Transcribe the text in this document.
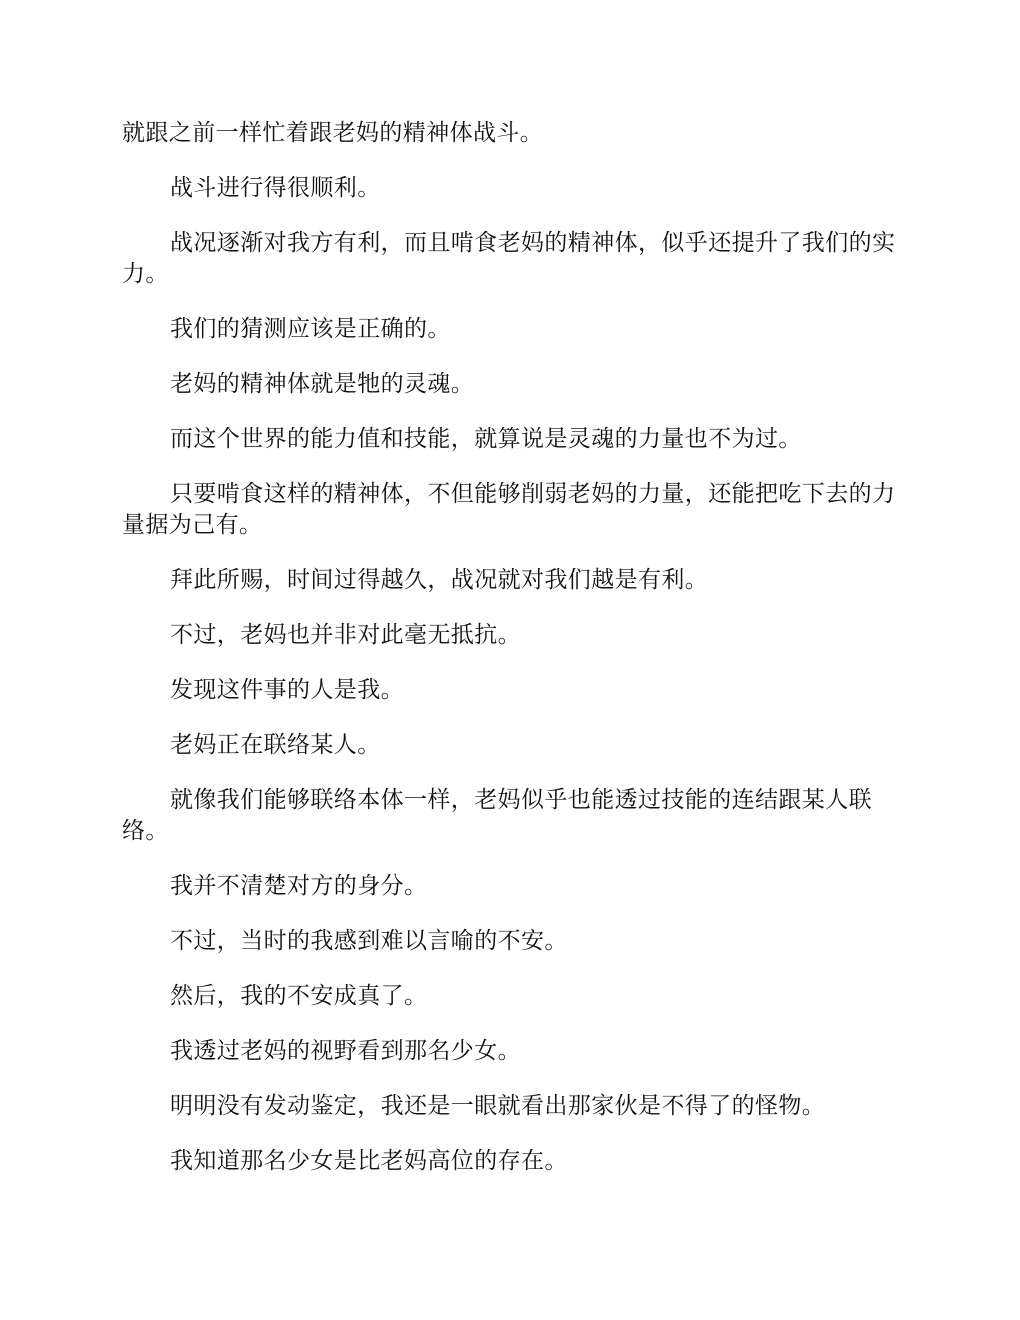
就跟之前一样忙着跟老妈的精神体战斗。

战斗进行得很顺利。

战况逐渐对我方有利，而且啃食老妈的精神体，似乎还提升了我们的实力。

我们的猜测应该是正确的。

老妈的精神体就是牠的灵魂。

而这个世界的能力值和技能，就算说是灵魂的力量也不为过。

只要啃食这样的精神体，不但能够削弱老妈的力量，还能把吃下去的力量据为己有。

拜此所赐，时间过得越久，战况就对我们越是有利。

不过，老妈也并非对此毫无抵抗。

发现这件事的人是我。

老妈正在联络某人。

就像我们能够联络本体一样，老妈似乎也能透过技能的连结跟某人联络。

我并不清楚对方的身分。

不过，当时的我感到难以言喻的不安。

然后，我的不安成真了。

我透过老妈的视野看到那名少女。

明明没有发动鉴定，我还是一眼就看出那家伙是不得了的怪物。

我知道那名少女是比老妈高位的存在。
